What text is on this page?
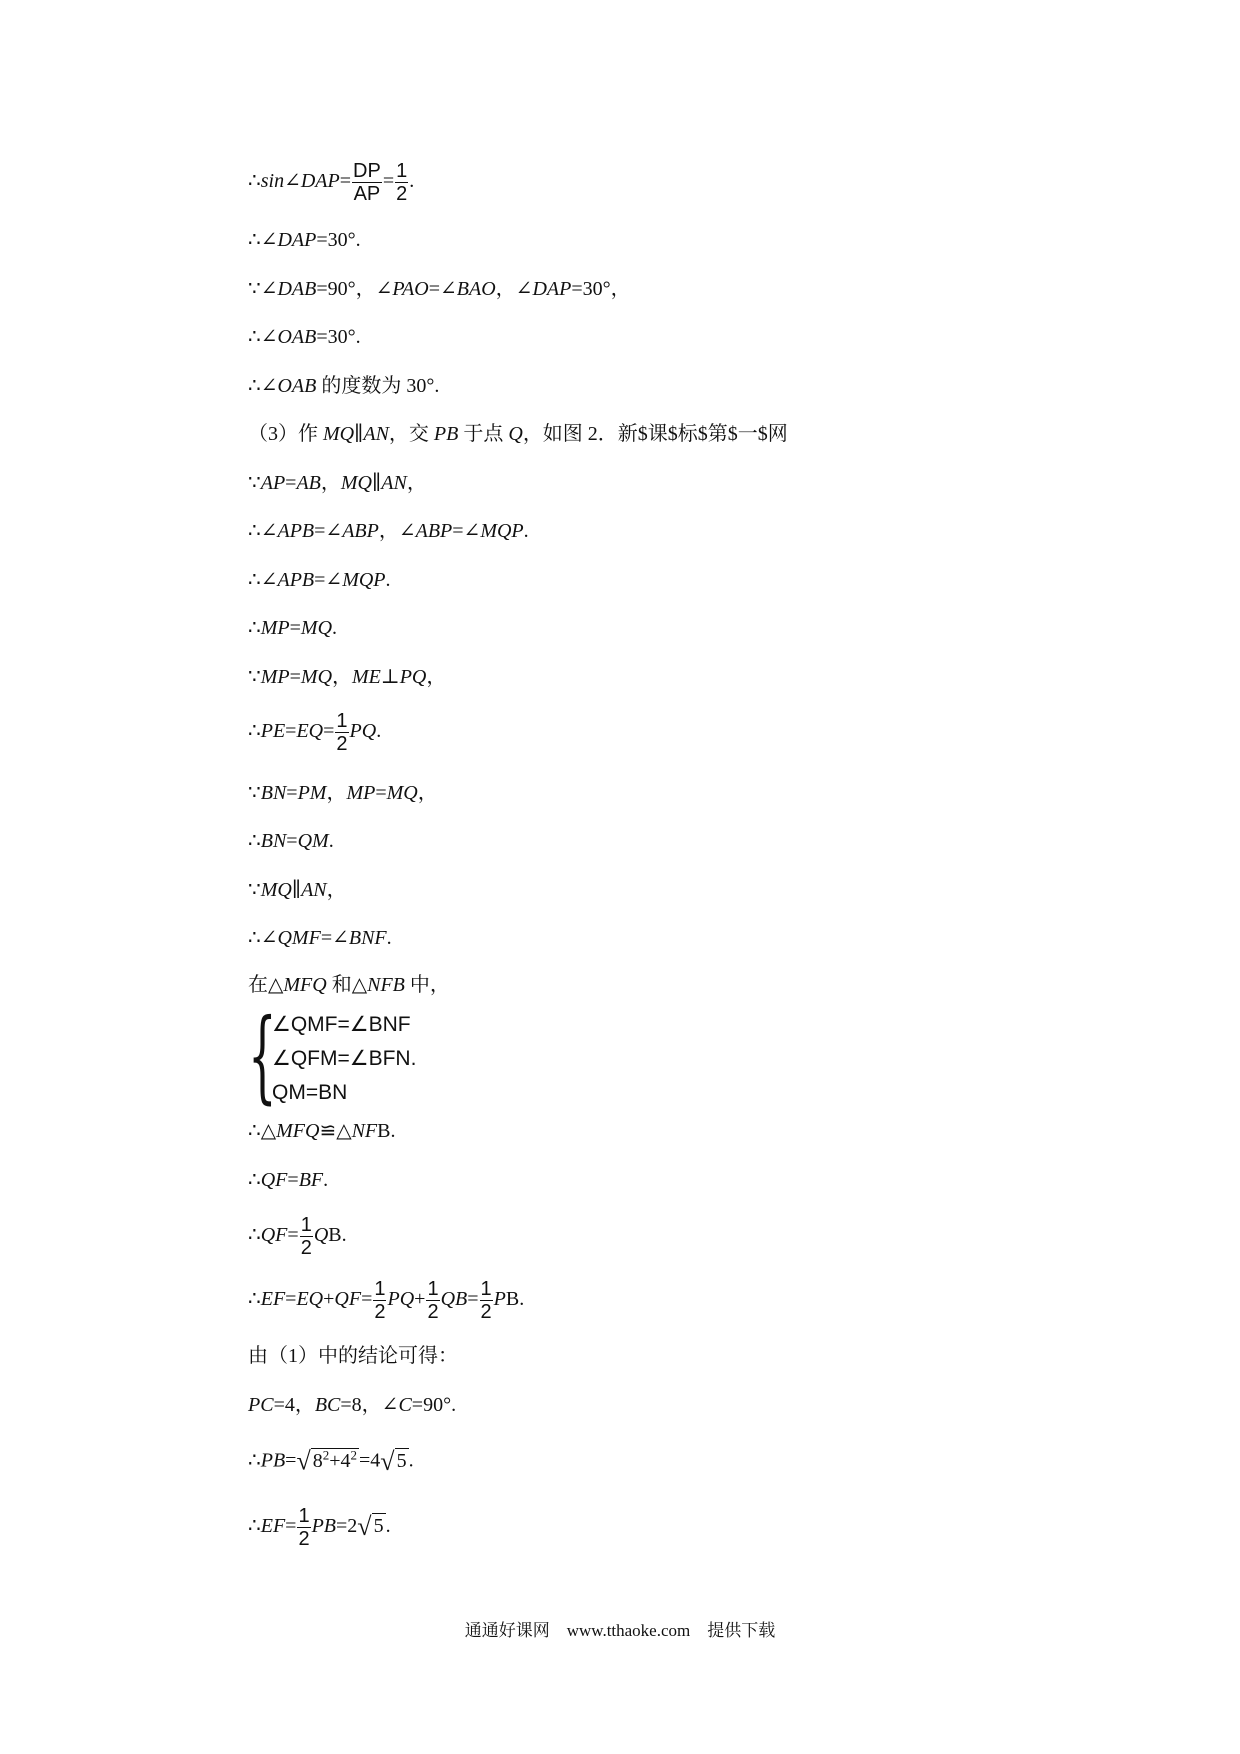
∴sin∠DAP= $\frac{DP}{AP} = \frac{1}{2}$ .
∴∠DAP=30°.
∵∠DAB=90°，∠PAO=∠BAO，∠DAP=30°，
∴∠OAB=30°.
∴∠OAB 的度数为 30°.
（3）作 MQ∥AN，交 PB 于点 Q，如图 2．新$课$标$第$一$网
∵AP=AB，MQ∥AN，
∴∠APB=∠ABP，∠ABP=∠MQP.
∴∠APB=∠MQP.
∴MP=MQ.
∵MP=MQ，ME⊥PQ，
∴PE=EQ= $\frac{1}{2}$ PQ.
∵BN=PM，MP=MQ，
∴BN=QM.
∵MQ∥AN，
∴∠QMF=∠BNF.
在△MFQ 和△NFB 中，
{
∠QMF=∠BNF
∠QFM=∠BFN.
QM=BN
∴△MFQ≌△NFB.
∴QF=BF.
∴QF= $\frac{1}{2}$ QB.
∴EF=EQ+QF= $\frac{1}{2} PQ+ \frac{1}{2} QB= \frac{1}{2}$ PB.
由（1）中的结论可得：
PC=4，BC=8，∠C=90°.
∴PB=√ $8^2+4^2 =4√$ 5 .
∴EF= $\frac{1}{2} PB=2√$ 5 .
通通好课网　www.tthaoke.com　提供下载
